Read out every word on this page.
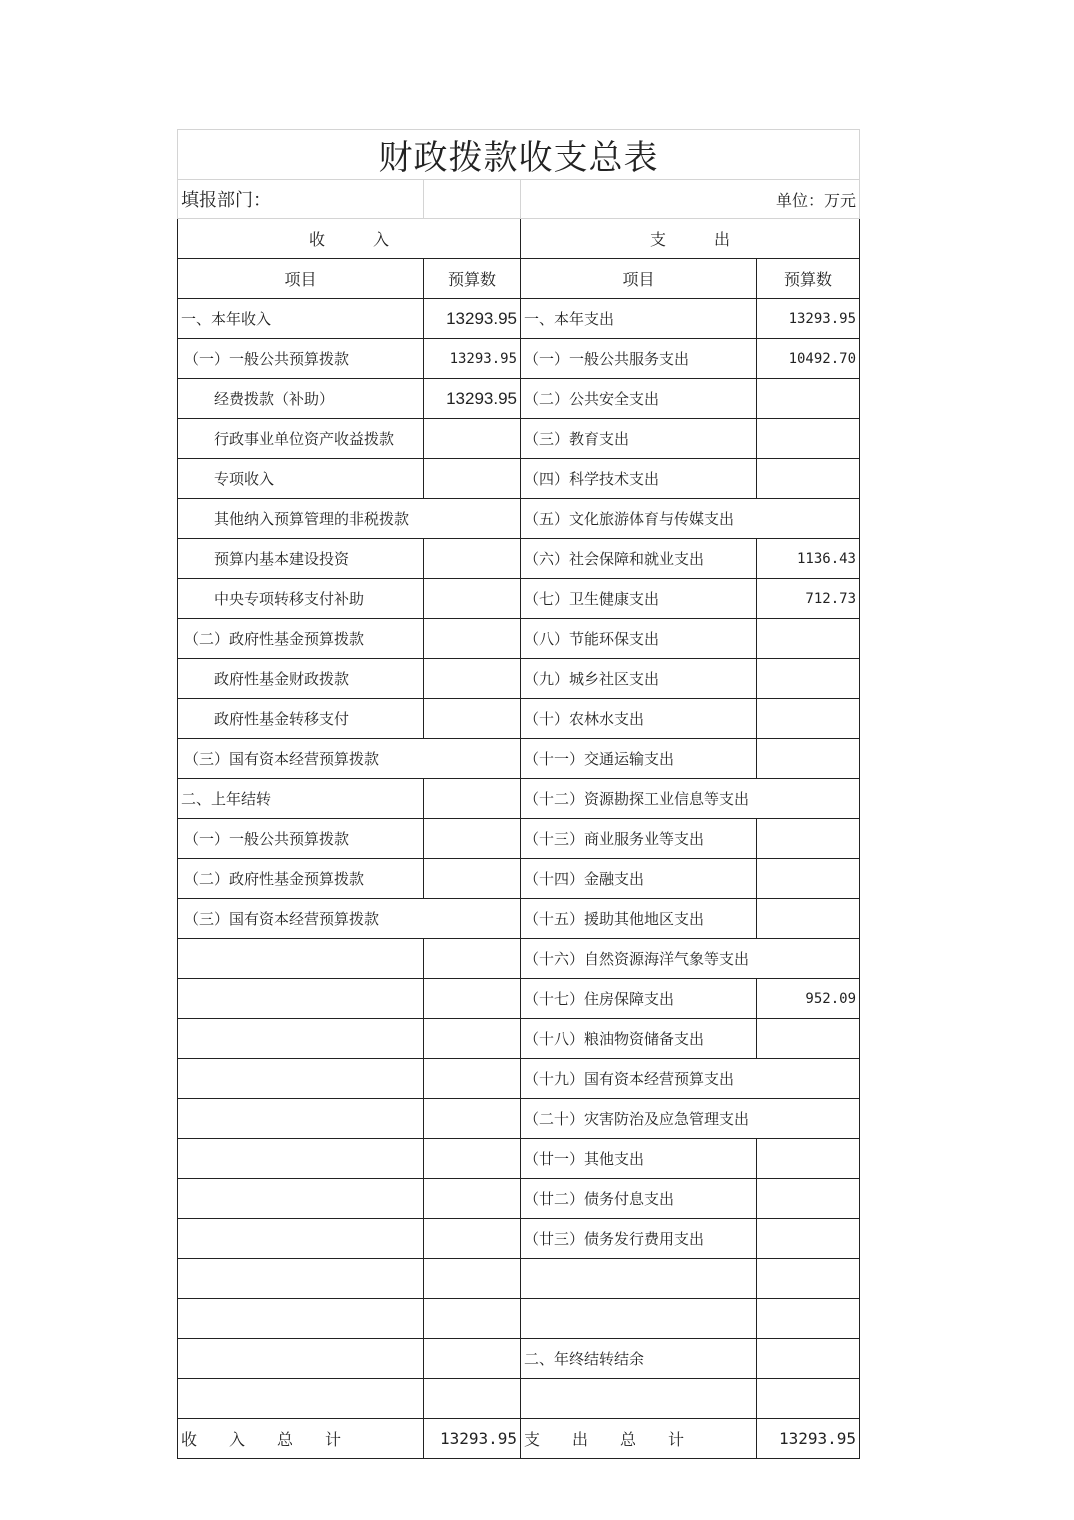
财政拨款收支总表			
填报部门：		单位：万元	
收　　　入		支　　　出	
项目	预算数	项目	预算数
一、本年收入	13293.95	一、本年支出	13293.95
（一）一般公共预算拨款	13293.95	（一）一般公共服务支出	10492.70
经费拨款（补助）	13293.95	（二）公共安全支出	
行政事业单位资产收益拨款		（三）教育支出	
专项收入		（四）科学技术支出	
其他纳入预算管理的非税拨款		（五）文化旅游体育与传媒支出	
预算内基本建设投资		（六）社会保障和就业支出	1136.43
中央专项转移支付补助		（七）卫生健康支出	712.73
（二）政府性基金预算拨款		（八）节能环保支出	
政府性基金财政拨款		（九）城乡社区支出	
政府性基金转移支付		（十）农林水支出	
（三）国有资本经营预算拨款		（十一）交通运输支出	
二、上年结转		（十二）资源勘探工业信息等支出	
（一）一般公共预算拨款		（十三）商业服务业等支出	
（二）政府性基金预算拨款		（十四）金融支出	
（三）国有资本经营预算拨款		（十五）援助其他地区支出	
		（十六）自然资源海洋气象等支出	
		（十七）住房保障支出	952.09
		（十八）粮油物资储备支出	
		（十九）国有资本经营预算支出	
		（二十）灾害防治及应急管理支出	
		（廿一）其他支出	
		（廿二）债务付息支出	
		（廿三）债务发行费用支出	

		二、年终结转结余	

收　　入　　总　　计	13293.95	支　　出　　总　　计	13293.95
